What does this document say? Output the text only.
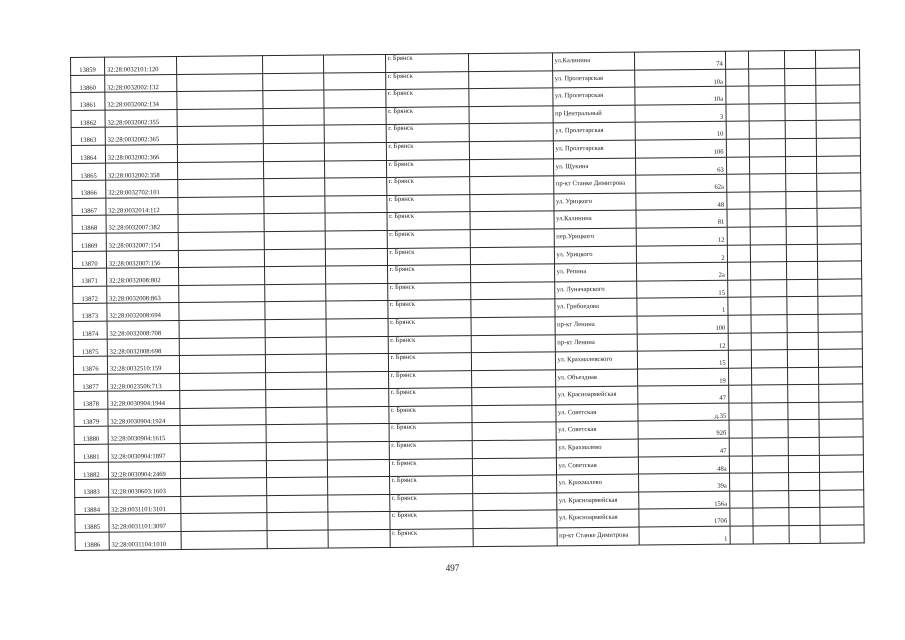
13859	32:28:0032101:120				г. Брянск		ул.Калинина	74				
13860	32:28:0032002:132				г. Брянск		ул. Пролетарская	10а				
13861	32:28:0032002:134				г. Брянск		ул. Пролетарская	10а				
13862	32:28:0032002:355				г. Брянск		пр Центральный	3				
13863	32:28:0032002:365				г. Брянск		ул. Пролетарская	10				
13864	32:28:0032002:366				г. Брянск		ул. Пролетарская	10б				
13865	32:28:0032002:358				г. Брянск		ул. Щукина	63				
13866	32:28:0032702:101				г. Брянск		пр-кт Станке Димитрова	62а				
13867	32:28:0032014:112				г. Брянск		ул. Урицкого	48				
13868	32:28:0032007:382				г. Брянск		ул.Калинина	81				
13869	32:28:0032007:154				г. Брянск		пер.Урицкого	12				
13870	32:28:0032007:156				г. Брянск		ул. Урицкого	2				
13871	32:28:0032008:802				г. Брянск		ул. Репина	2а				
13872	32:28:0032008:863				г. Брянск		ул. Луначарского	15				
13873	32:28:0032008:694				г. Брянск		ул. Грибоедова	1				
13874	32:28:0032008:708				г. Брянск		пр-кт Ленина	100				
13875	32:28:0032008:698				г. Брянск		пр-кт Ленина	12				
13876	32:28:0032510:159				г. Брянск		ул. Крахмалевского	15				
13877	32:28:0023506:713				г. Брянск		ул. Объездная	19				
13878	32:28:0030904:1944				г. Брянск		ул. Красноармейская	47				
13879	32:28:0030904:1924				г. Брянск		ул. Советская	д.35				
13880	32:28:0030904:1615				г. Брянск		ул. Советская	92б				
13881	32:28:0030904:1897				г. Брянск		ул. Крахмалево	47				
13882	32:28:0030904:2469				г. Брянск		ул. Советская	48а				
13883	32:28:0030603:1603				г. Брянск		ул. Крахмалево	39а				
13884	32:28:0031101:3101				г. Брянск		ул. Красноармейская	156а				
13885	32:28:0031101:3097				г. Брянск		ул. Красноармейская	170б				
13886	32:28:0031104:1010				г. Брянск		пр-кт Станке Димитрова	1				
497
